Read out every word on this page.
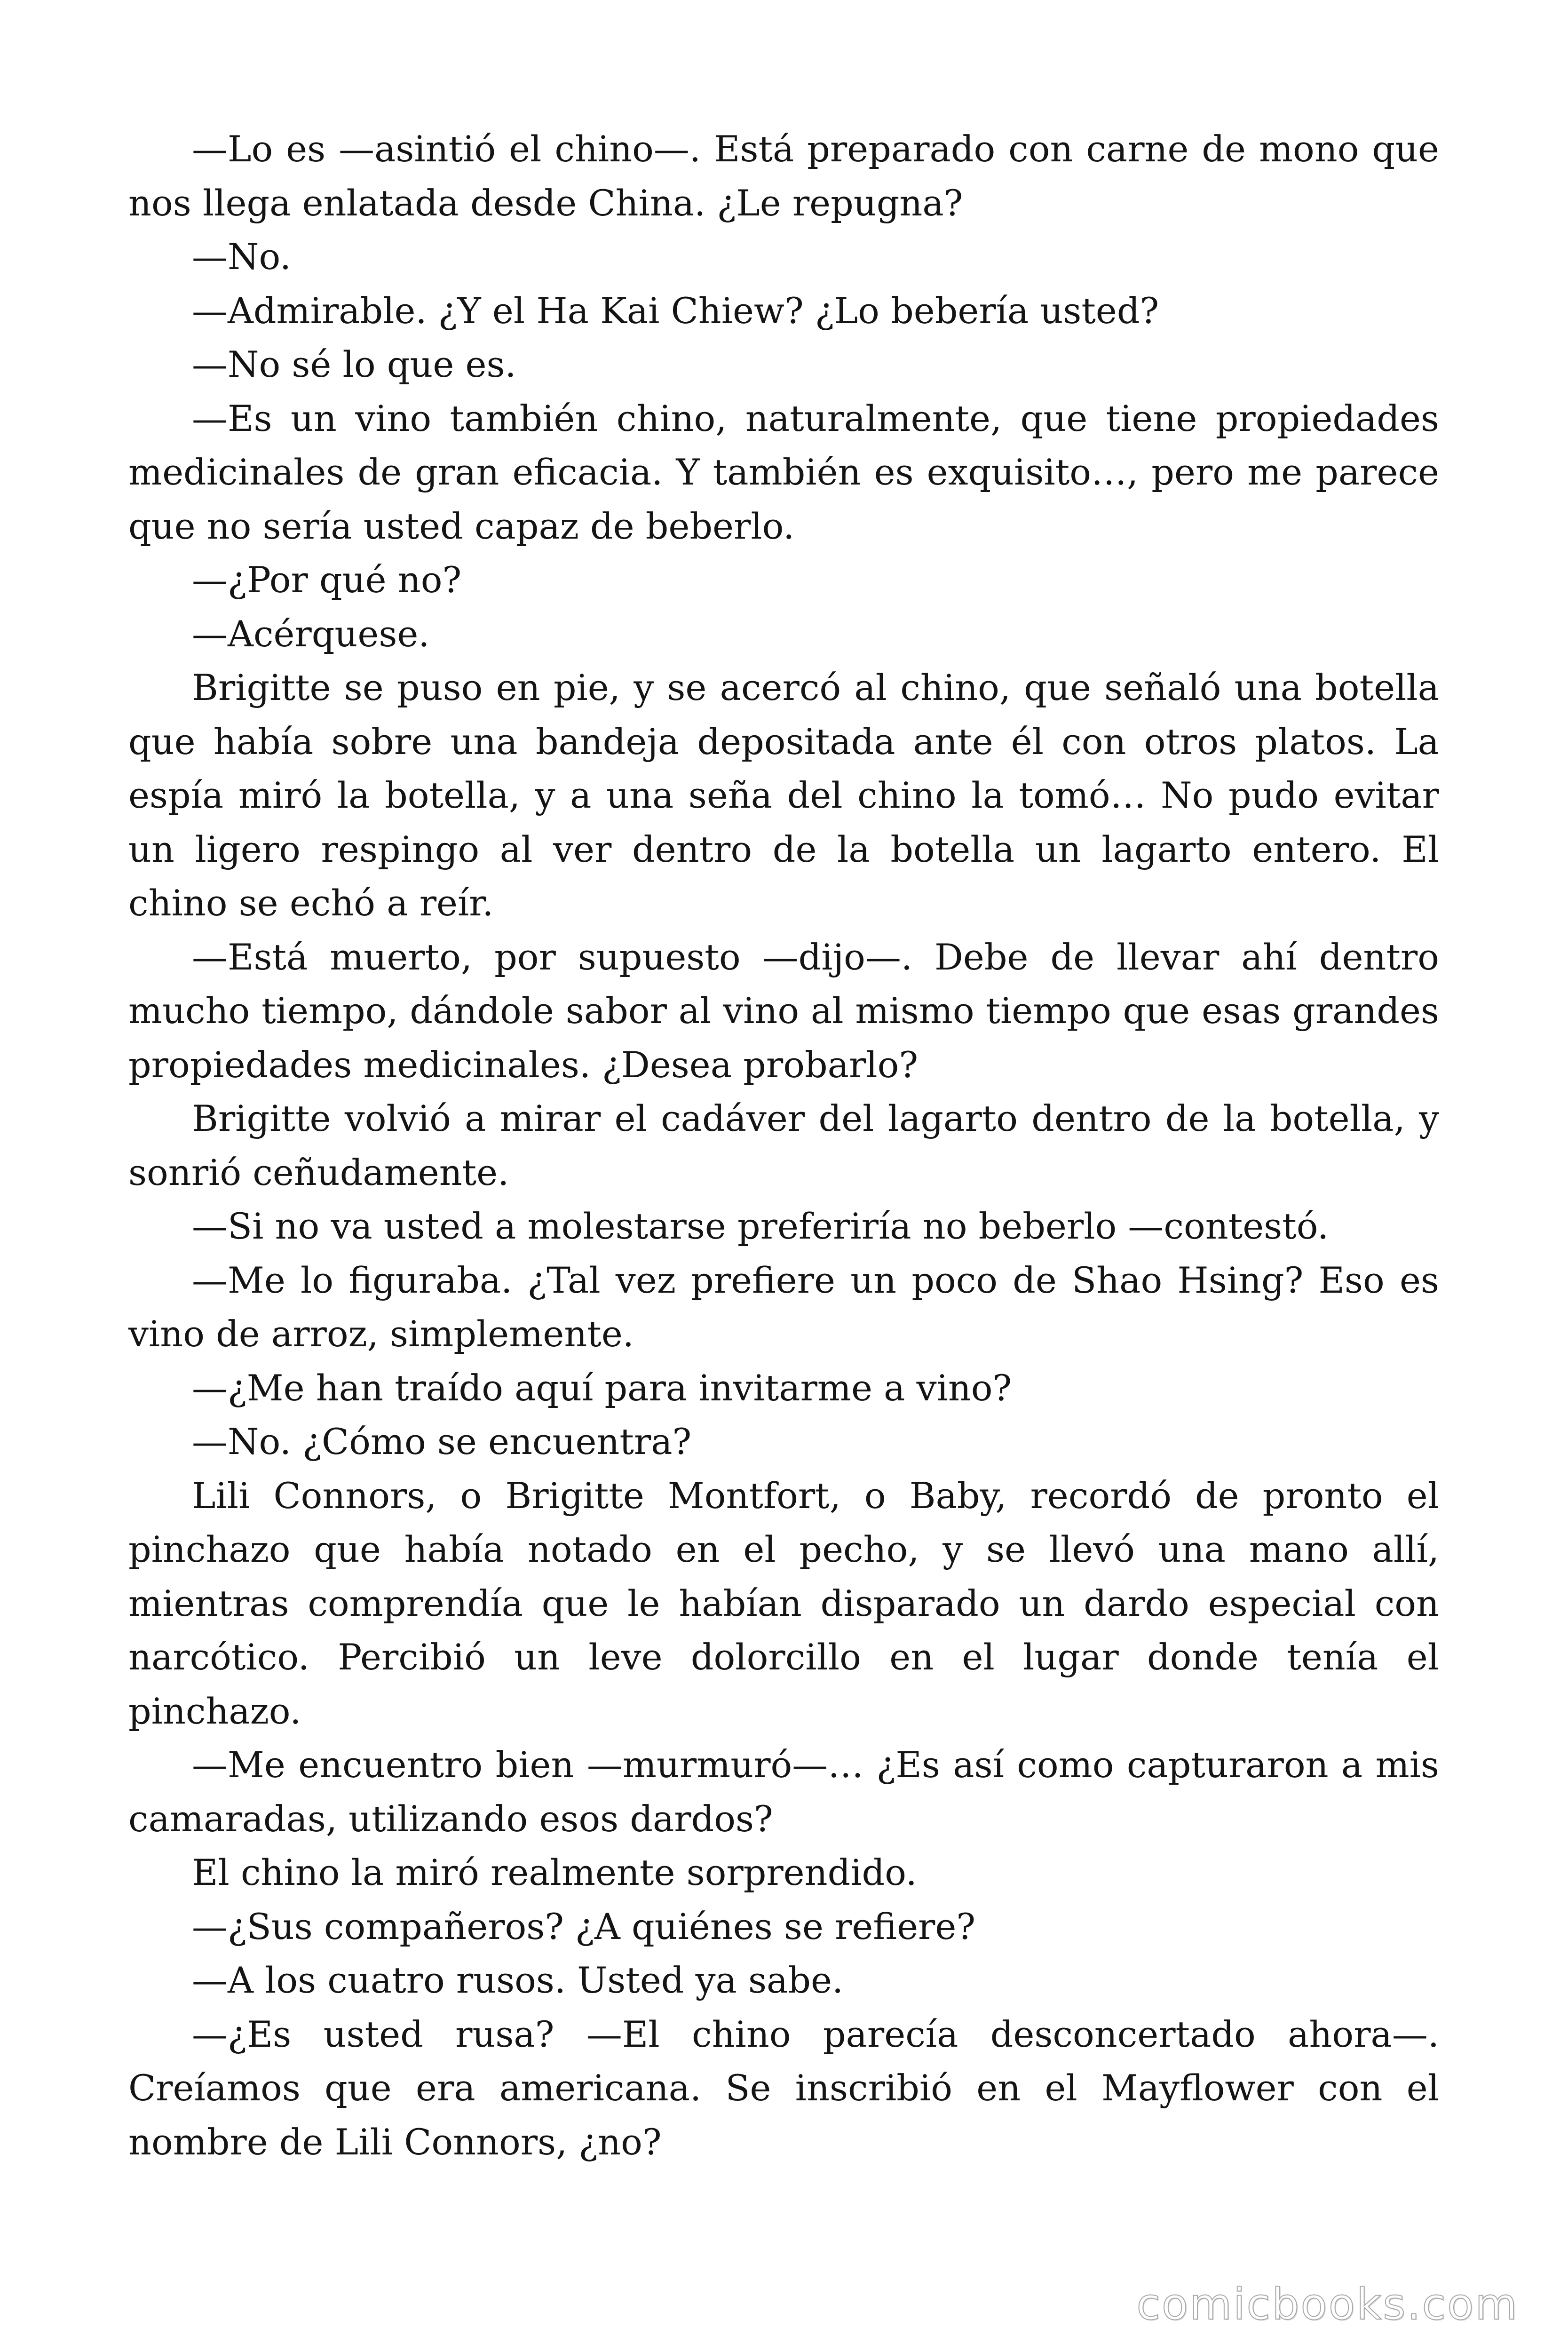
—Lo es —asintió el chino—. Está preparado con carne de mono que nos llega enlatada desde China. ¿Le repugna?

—No.

—Admirable. ¿Y el Ha Kai Chiew? ¿Lo bebería usted?

—No sé lo que es.

—Es un vino también chino, naturalmente, que tiene propiedades medicinales de gran eficacia. Y también es exquisito…, pero me parece que no sería usted capaz de beberlo.

—¿Por qué no?

—Acérquese.

Brigitte se puso en pie, y se acercó al chino, que señaló una botella que había sobre una bandeja depositada ante él con otros platos. La espía miró la botella, y a una seña del chino la tomó… No pudo evitar un ligero respingo al ver dentro de la botella un lagarto entero. El chino se echó a reír.

—Está muerto, por supuesto —dijo—. Debe de llevar ahí dentro mucho tiempo, dándole sabor al vino al mismo tiempo que esas grandes propiedades medicinales. ¿Desea probarlo?

Brigitte volvió a mirar el cadáver del lagarto dentro de la botella, y sonrió ceñudamente.

—Si no va usted a molestarse preferiría no beberlo —contestó.

—Me lo figuraba. ¿Tal vez prefiere un poco de Shao Hsing? Eso es vino de arroz, simplemente.

—¿Me han traído aquí para invitarme a vino?

—No. ¿Cómo se encuentra?

Lili Connors, o Brigitte Montfort, o Baby, recordó de pronto el pinchazo que había notado en el pecho, y se llevó una mano allí, mientras comprendía que le habían disparado un dardo especial con narcótico. Percibió un leve dolorcillo en el lugar donde tenía el pinchazo.

—Me encuentro bien —murmuró—… ¿Es así como capturaron a mis camaradas, utilizando esos dardos?

El chino la miró realmente sorprendido.

—¿Sus compañeros? ¿A quiénes se refiere?

—A los cuatro rusos. Usted ya sabe.

—¿Es usted rusa? —El chino parecía desconcertado ahora—. Creíamos que era americana. Se inscribió en el Mayflower con el nombre de Lili Connors, ¿no?

comicbooks.com
